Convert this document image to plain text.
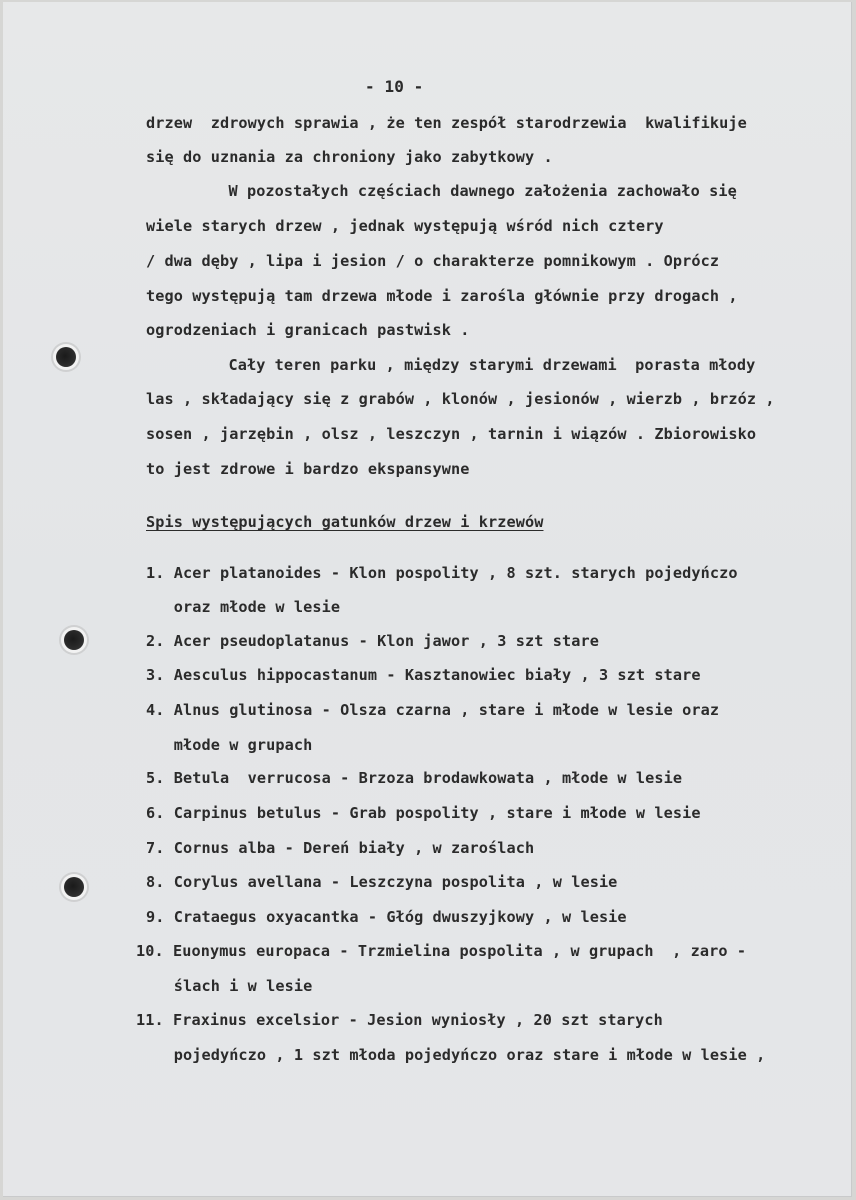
- 10 -

drzew  zdrowych sprawia , że ten zespół starodrzewia  kwalifikuje

się do uznania za chroniony jako zabytkowy .

W pozostałych częściach dawnego założenia zachowało się

wiele starych drzew , jednak występują wśród nich cztery

/ dwa dęby , lipa i jesion / o charakterze pomnikowym . Oprócz

tego występują tam drzewa młode i zarośla głównie przy drogach ,

ogrodzeniach i granicach pastwisk .

Cały teren parku , między starymi drzewami  porasta młody

las , składający się z grabów , klonów , jesionów , wierzb , brzóz ,

sosen , jarzębin , olsz , leszczyn , tarnin i wiązów . Zbiorowisko

to jest zdrowe i bardzo ekspansywne

Spis występujących gatunków drzew i krzewów

1. Acer platanoides - Klon pospolity , 8 szt. starych pojedyńczo

oraz młode w lesie

2. Acer pseudoplatanus - Klon jawor , 3 szt stare

3. Aesculus hippocastanum - Kasztanowiec biały , 3 szt stare

4. Alnus glutinosa - Olsza czarna , stare i młode w lesie oraz

młode w grupach

5. Betula  verrucosa - Brzoza brodawkowata , młode w lesie

6. Carpinus betulus - Grab pospolity , stare i młode w lesie

7. Cornus alba - Dereń biały , w zaroślach

8. Corylus avellana - Leszczyna pospolita , w lesie

9. Crataegus oxyacantka - Głóg dwuszyjkowy , w lesie

10. Euonymus europaca - Trzmielina pospolita , w grupach  , zaro -

ślach i w lesie

11. Fraxinus excelsior - Jesion wyniosły , 20 szt starych

pojedyńczo , 1 szt młoda pojedyńczo oraz stare i młode w lesie ,
